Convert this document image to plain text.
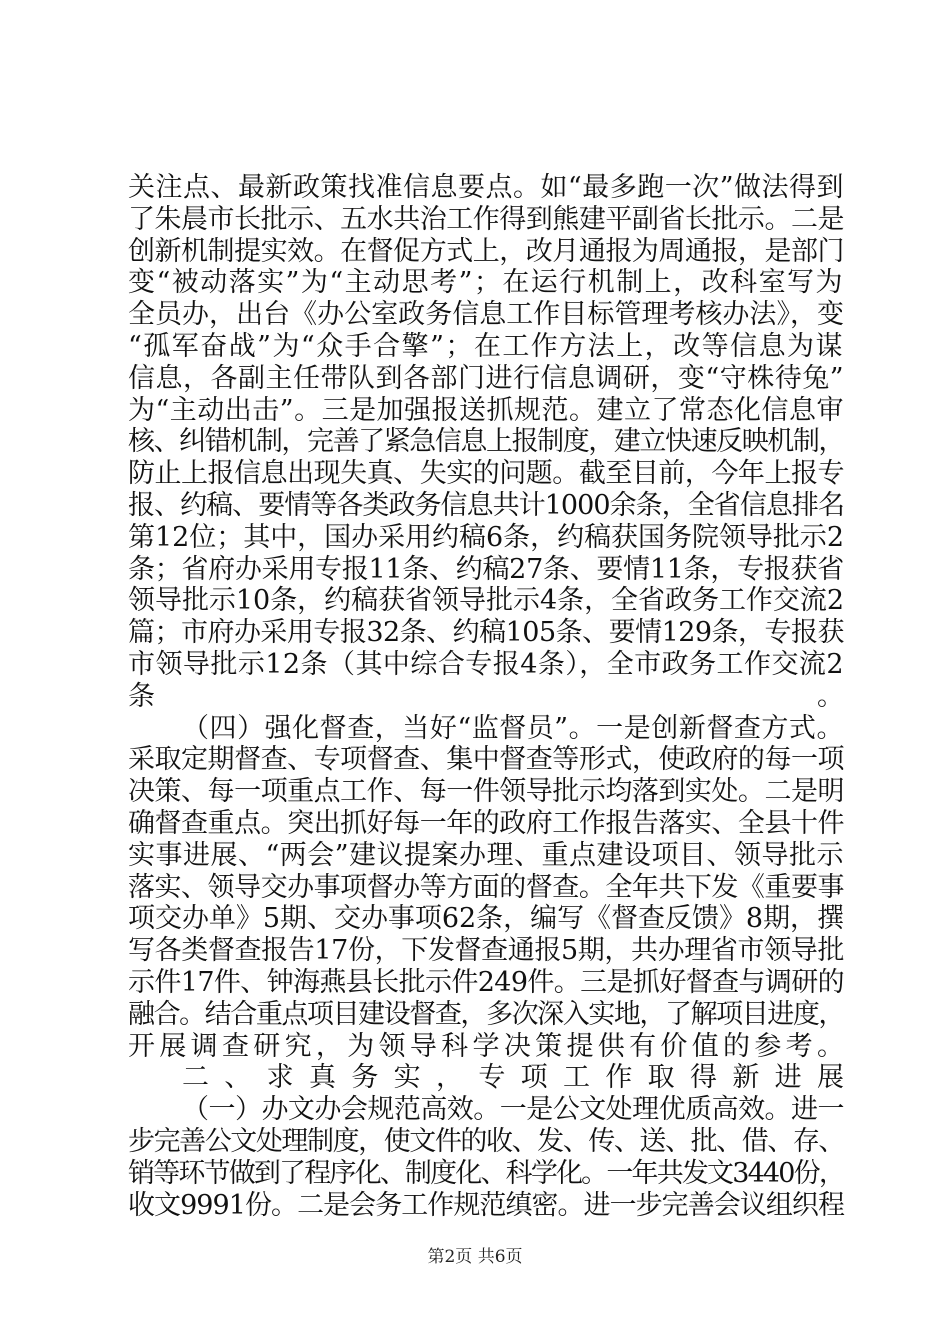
关注点、最新政策找准信息要点。如“最多跑一次”做法得到
了朱晨市长批示、五水共治工作得到熊建平副省长批示。二是
创新机制提实效。在督促方式上，改月通报为周通报，是部门
变“被动落实”为“主动思考”；在运行机制上，改科室写为
全员办，出台《办公室政务信息工作目标管理考核办法》，变
“孤军奋战”为“众手合擎”；在工作方法上，改等信息为谋
信息，各副主任带队到各部门进行信息调研，变“守株待兔”
为“主动出击”。三是加强报送抓规范。建立了常态化信息审
核、纠错机制，完善了紧急信息上报制度，建立快速反映机制，
防止上报信息出现失真、失实的问题。截至目前，今年上报专
报、约稿、要情等各类政务信息共计1000余条，全省信息排名
第12位；其中，国办采用约稿6条，约稿获国务院领导批示2
条；省府办采用专报11条、约稿27条、要情11条，专报获省
领导批示10条，约稿获省领导批示4条，全省政务工作交流2
篇；市府办采用专报32条、约稿105条、要情129条，专报获
市领导批示12条（其中综合专报4条），全市政务工作交流2
条。

（四）强化督查，当好“监督员”。一是创新督查方式。
采取定期督查、专项督查、集中督查等形式，使政府的每一项
决策、每一项重点工作、每一件领导批示均落到实处。二是明
确督查重点。突出抓好每一年的政府工作报告落实、全县十件
实事进展、“两会”建议提案办理、重点建设项目、领导批示
落实、领导交办事项督办等方面的督查。全年共下发《重要事
项交办单》5期、交办事项62条，编写《督查反馈》8期，撰
写各类督查报告17份，下发督查通报5期，共办理省市领导批
示件17件、钟海燕县长批示件249件。三是抓好督查与调研的
融合。结合重点项目建设督查，多次深入实地，了解项目进度，
开展调查研究，为领导科学决策提供有价值的参考。

二、求真务实，专项工作取得新进展

（一）办文办会规范高效。一是公文处理优质高效。进一
步完善公文处理制度，使文件的收、发、传、送、批、借、存、
销等环节做到了程序化、制度化、科学化。一年共发文3440份，
收文9991份。二是会务工作规范缜密。进一步完善会议组织程

第2页 共6页
